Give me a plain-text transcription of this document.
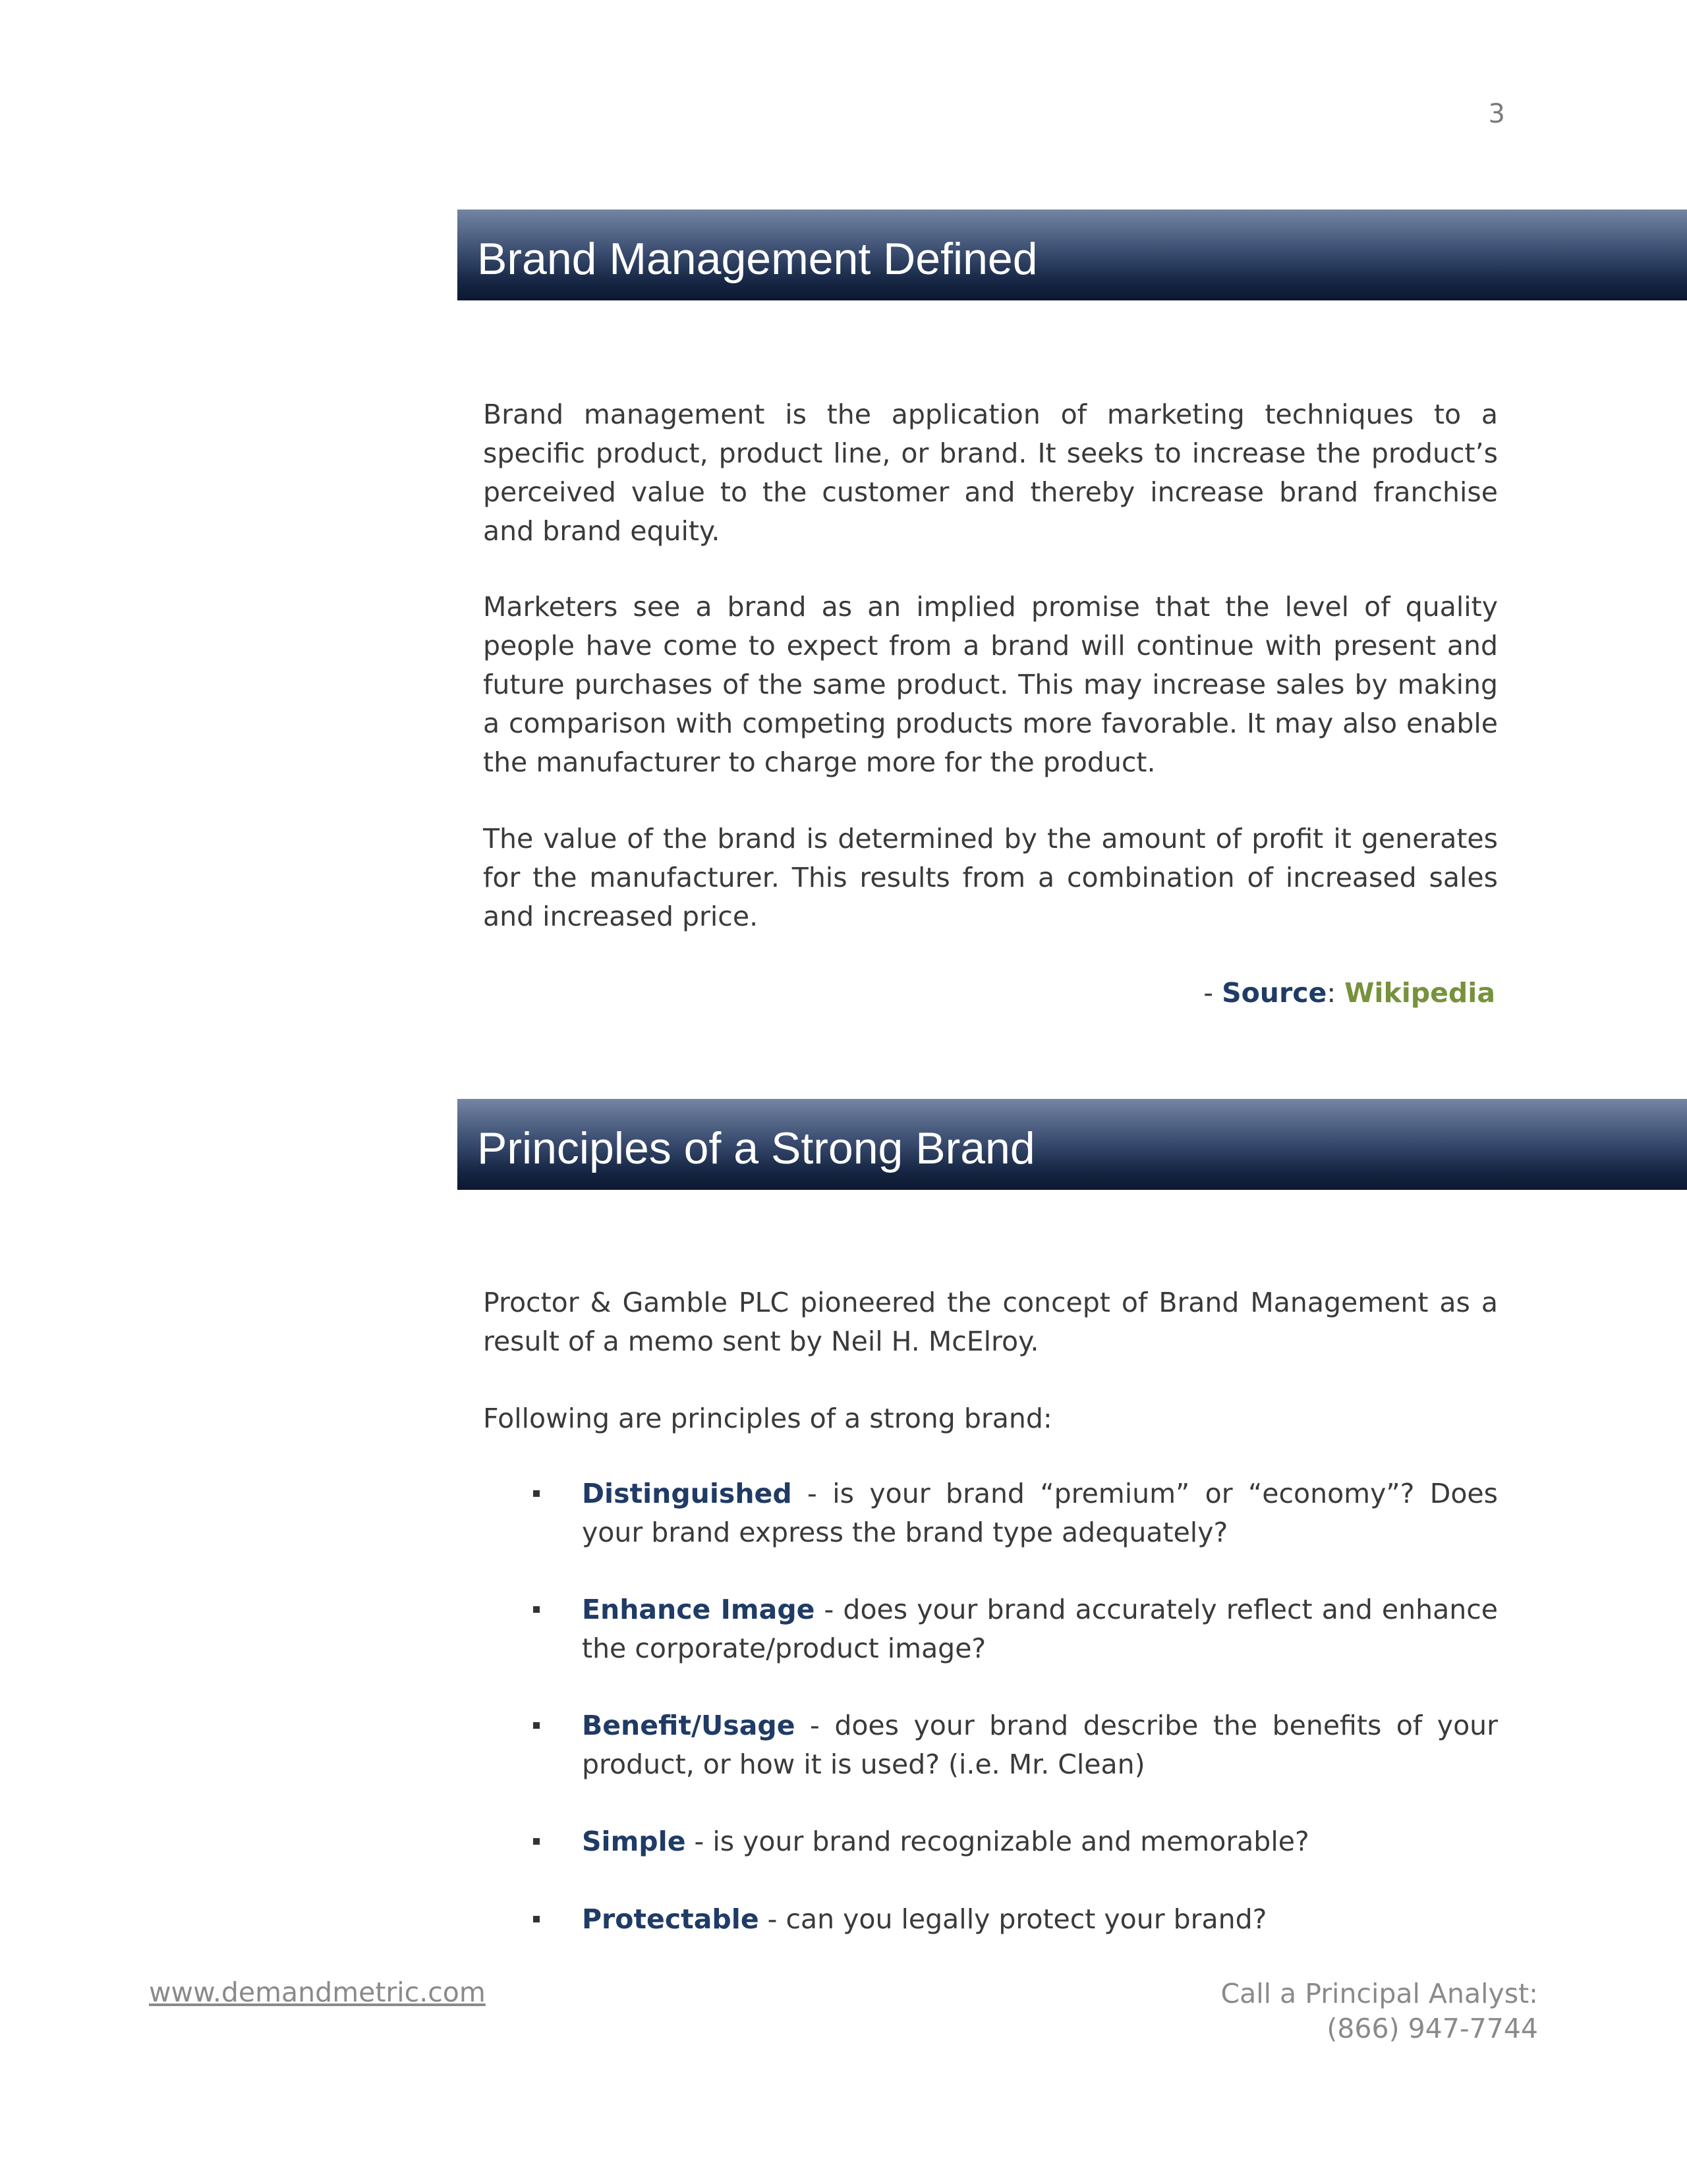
3
Brand Management Defined

Brand management is the application of marketing techniques to a specific product, product line, or brand. It seeks to increase the product’s perceived value to the customer and thereby increase brand franchise and brand equity.

Marketers see a brand as an implied promise that the level of quality people have come to expect from a brand will continue with present and future purchases of the same product. This may increase sales by making a comparison with competing products more favorable. It may also enable the manufacturer to charge more for the product.

The value of the brand is determined by the amount of profit it generates for the manufacturer. This results from a combination of increased sales and increased price.

- Source: Wikipedia
Principles of a Strong Brand

Proctor & Gamble PLC pioneered the concept of Brand Management as a result of a memo sent by Neil H. McElroy.

Following are principles of a strong brand:

Distinguished - is your brand “premium” or “economy”? Does your brand express the brand type adequately?

Enhance Image - does your brand accurately reflect and enhance the corporate/product image?

Benefit/Usage - does your brand describe the benefits of your product, or how it is used? (i.e. Mr. Clean)

Simple - is your brand recognizable and memorable?

Protectable - can you legally protect your brand?

www.demandmetric.com	Call a Principal Analyst:
(866) 947-7744
